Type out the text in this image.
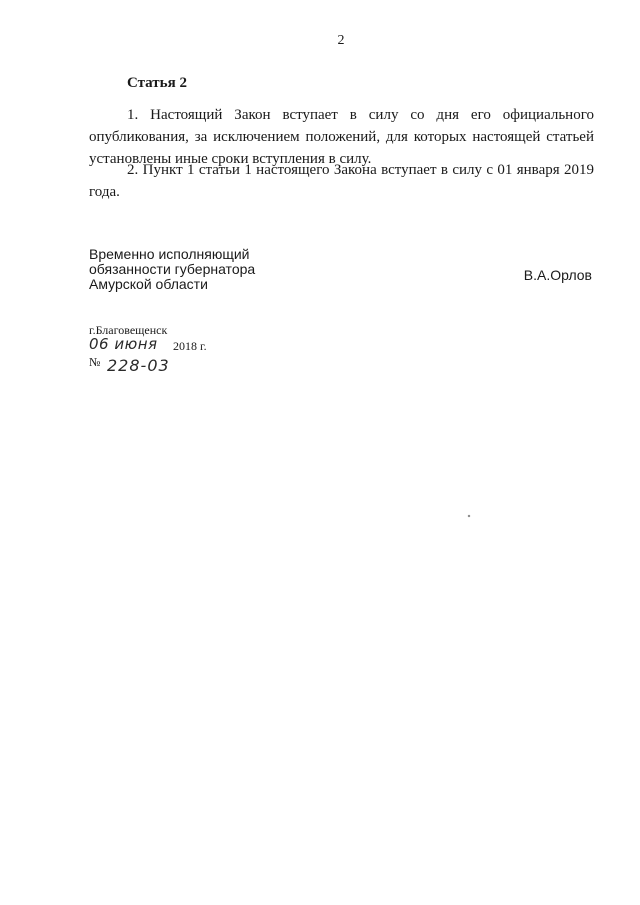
2
Статья 2
1. Настоящий Закон вступает в силу со дня его официального опубликования, за исключением положений, для которых настоящей статьей установлены иные сроки вступления в силу.
2. Пункт 1 статьи 1 настоящего Закона вступает в силу с 01 января 2019 года.
Временно исполняющий
обязанности губернатора
Амурской области
В.А.Орлов
г.Благовещенск
06 июня 2018 г.
№ 228-03
